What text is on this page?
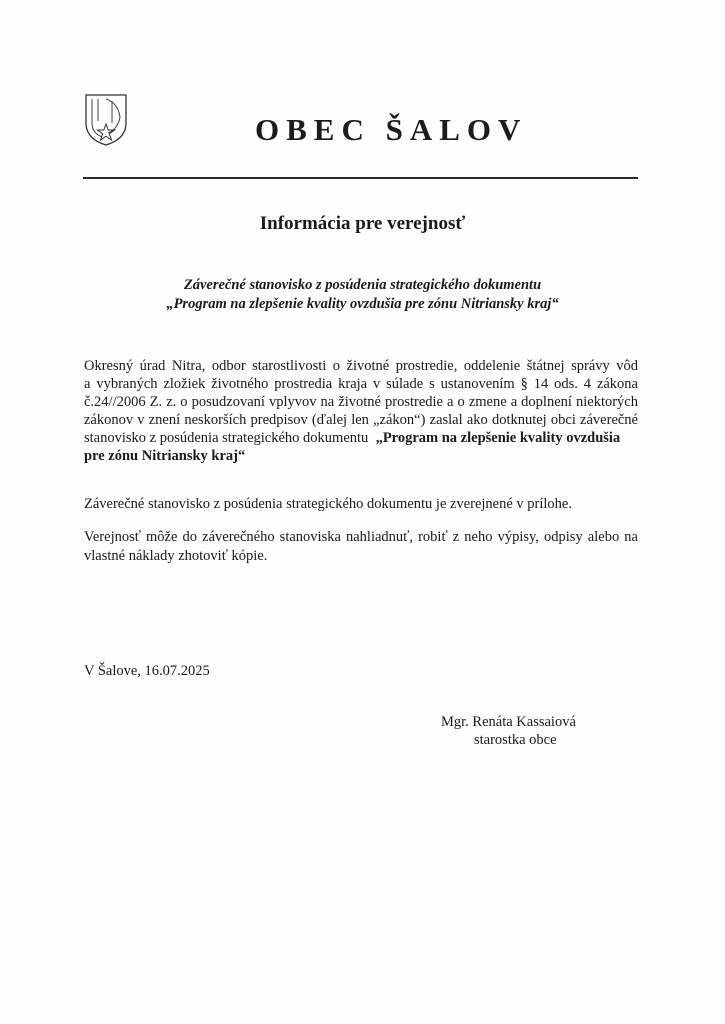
OBEC ŠALOV
Informácia pre verejnosť
Záverečné stanovisko z posúdenia strategického dokumentu
„Program na zlepšenie kvality ovzdušia pre zónu Nitriansky kraj“
Okresný úrad Nitra, odbor starostlivosti o životné prostredie, oddelenie štátnej správy vôd
a vybraných zložiek životného prostredia kraja v súlade s ustanovením § 14 ods. 4 zákona
č.24//2006 Z. z. o posudzovaní vplyvov na životné prostredie a o zmene a doplnení niektorých
zákonov v znení neskorších predpisov (ďalej len „zákon“) zaslal ako dotknutej obci záverečné
stanovisko z posúdenia strategického dokumentu „Program na zlepšenie kvality ovzdušia
pre zónu Nitriansky kraj“
Záverečné stanovisko z posúdenia strategického dokumentu je zverejnené v prílohe.
Verejnosť môže do záverečného stanoviska nahliadnuť, robiť z neho výpisy, odpisy alebo na
vlastné náklady zhotoviť kópie.
V Šalove, 16.07.2025
Mgr. Renáta Kassaiová
starostka obce
